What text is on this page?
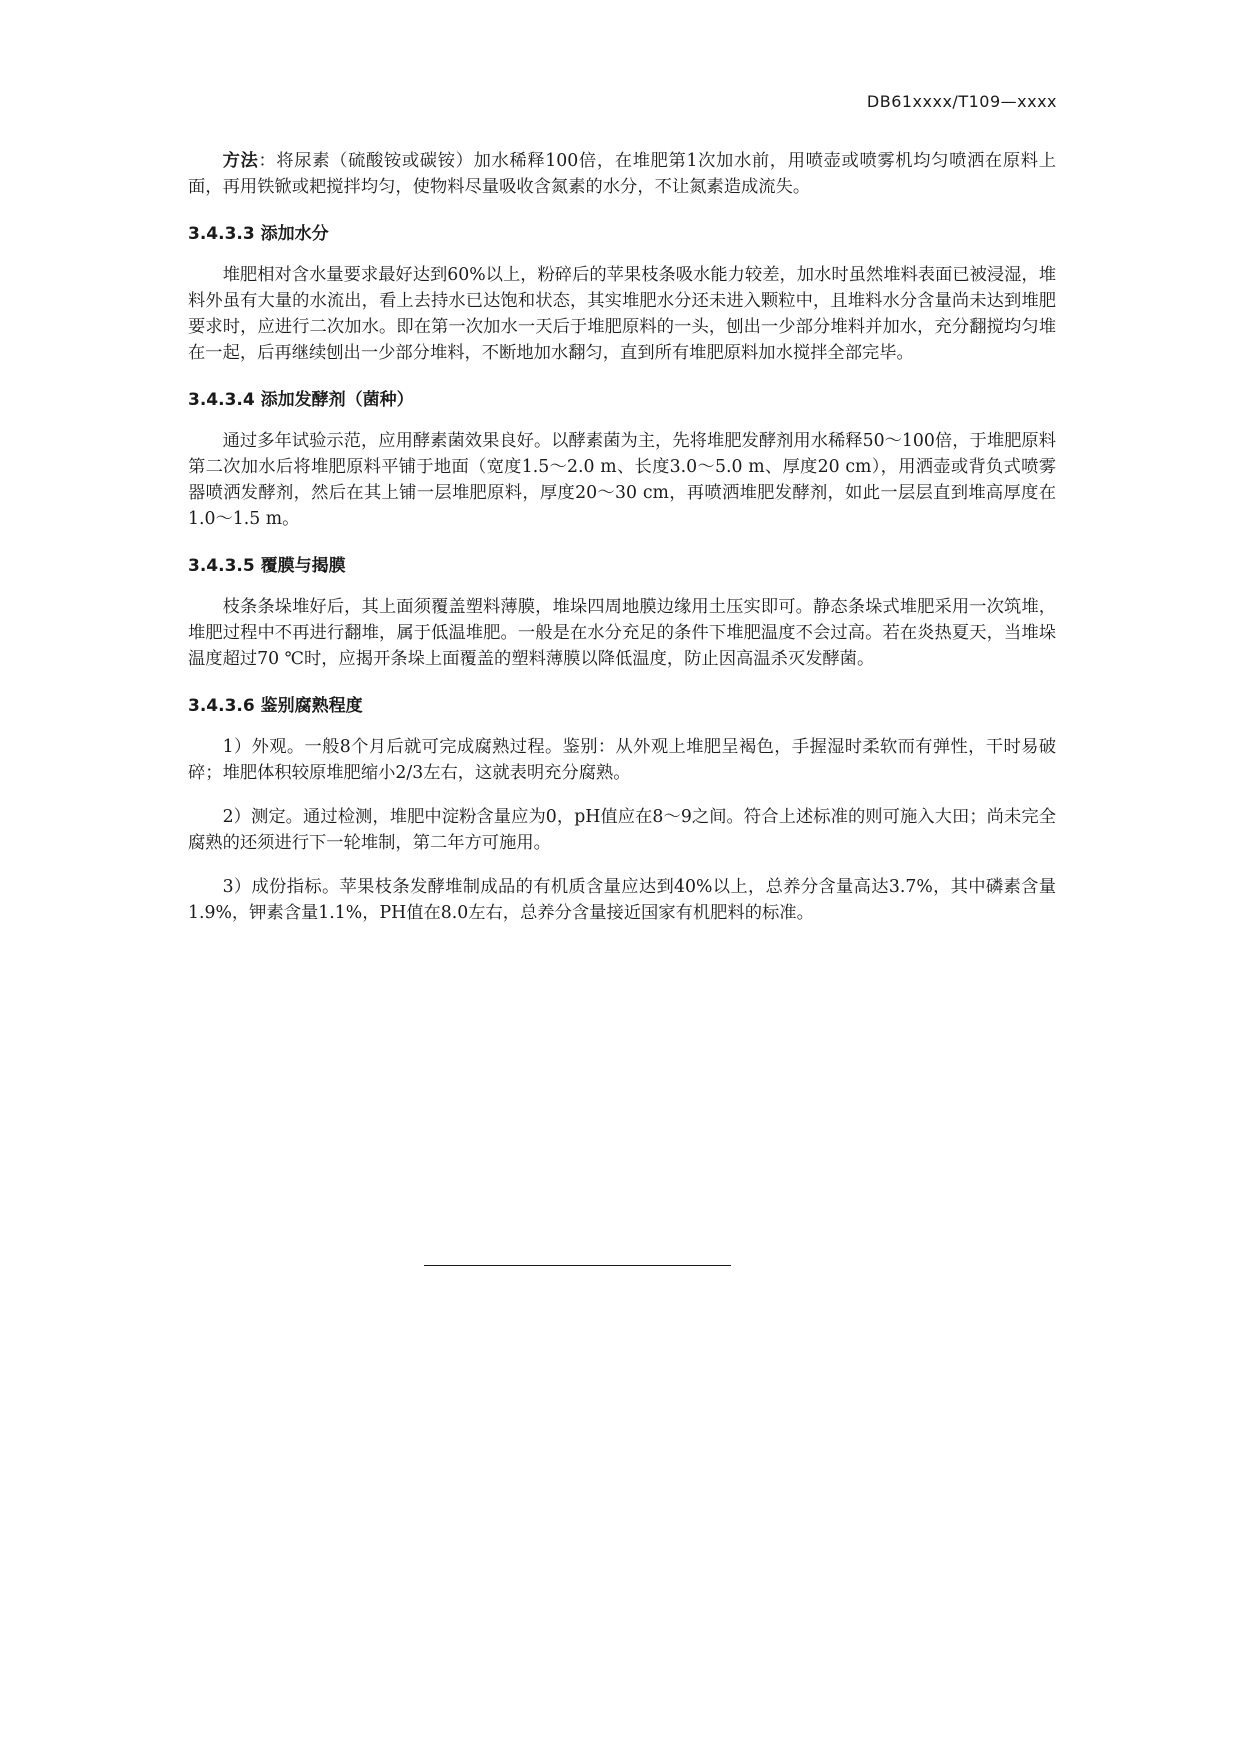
DB61xxxx/T109—xxxx

方法：将尿素（硫酸铵或碳铵）加水稀释100倍，在堆肥第1次加水前，用喷壶或喷雾机均匀喷洒在原料上面，再用铁锨或耙搅拌均匀，使物料尽量吸收含氮素的水分，不让氮素造成流失。

3.4.3.3 添加水分

堆肥相对含水量要求最好达到60%以上，粉碎后的苹果枝条吸水能力较差，加水时虽然堆料表面已被浸湿，堆料外虽有大量的水流出，看上去持水已达饱和状态，其实堆肥水分还未进入颗粒中，且堆料水分含量尚未达到堆肥要求时，应进行二次加水。即在第一次加水一天后于堆肥原料的一头，刨出一少部分堆料并加水，充分翻搅均匀堆在一起，后再继续刨出一少部分堆料，不断地加水翻匀，直到所有堆肥原料加水搅拌全部完毕。

3.4.3.4 添加发酵剂（菌种）

通过多年试验示范，应用酵素菌效果良好。以酵素菌为主，先将堆肥发酵剂用水稀释50～100倍，于堆肥原料第二次加水后将堆肥原料平铺于地面（宽度1.5～2.0 m、长度3.0～5.0 m、厚度20 cm），用洒壶或背负式喷雾器喷洒发酵剂，然后在其上铺一层堆肥原料，厚度20～30 cm，再喷洒堆肥发酵剂，如此一层层直到堆高厚度在1.0～1.5 m。

3.4.3.5 覆膜与揭膜

枝条条垛堆好后，其上面须覆盖塑料薄膜，堆垛四周地膜边缘用土压实即可。静态条垛式堆肥采用一次筑堆，堆肥过程中不再进行翻堆，属于低温堆肥。一般是在水分充足的条件下堆肥温度不会过高。若在炎热夏天，当堆垛温度超过70 ℃时，应揭开条垛上面覆盖的塑料薄膜以降低温度，防止因高温杀灭发酵菌。

3.4.3.6 鉴别腐熟程度

1）外观。一般8个月后就可完成腐熟过程。鉴别：从外观上堆肥呈褐色，手握湿时柔软而有弹性，干时易破碎；堆肥体积较原堆肥缩小2/3左右，这就表明充分腐熟。

2）测定。通过检测，堆肥中淀粉含量应为0，pH值应在8～9之间。符合上述标准的则可施入大田；尚未完全腐熟的还须进行下一轮堆制，第二年方可施用。

3）成份指标。苹果枝条发酵堆制成品的有机质含量应达到40%以上，总养分含量高达3.7%，其中磷素含量1.9%，钾素含量1.1%，PH值在8.0左右，总养分含量接近国家有机肥料的标准。
